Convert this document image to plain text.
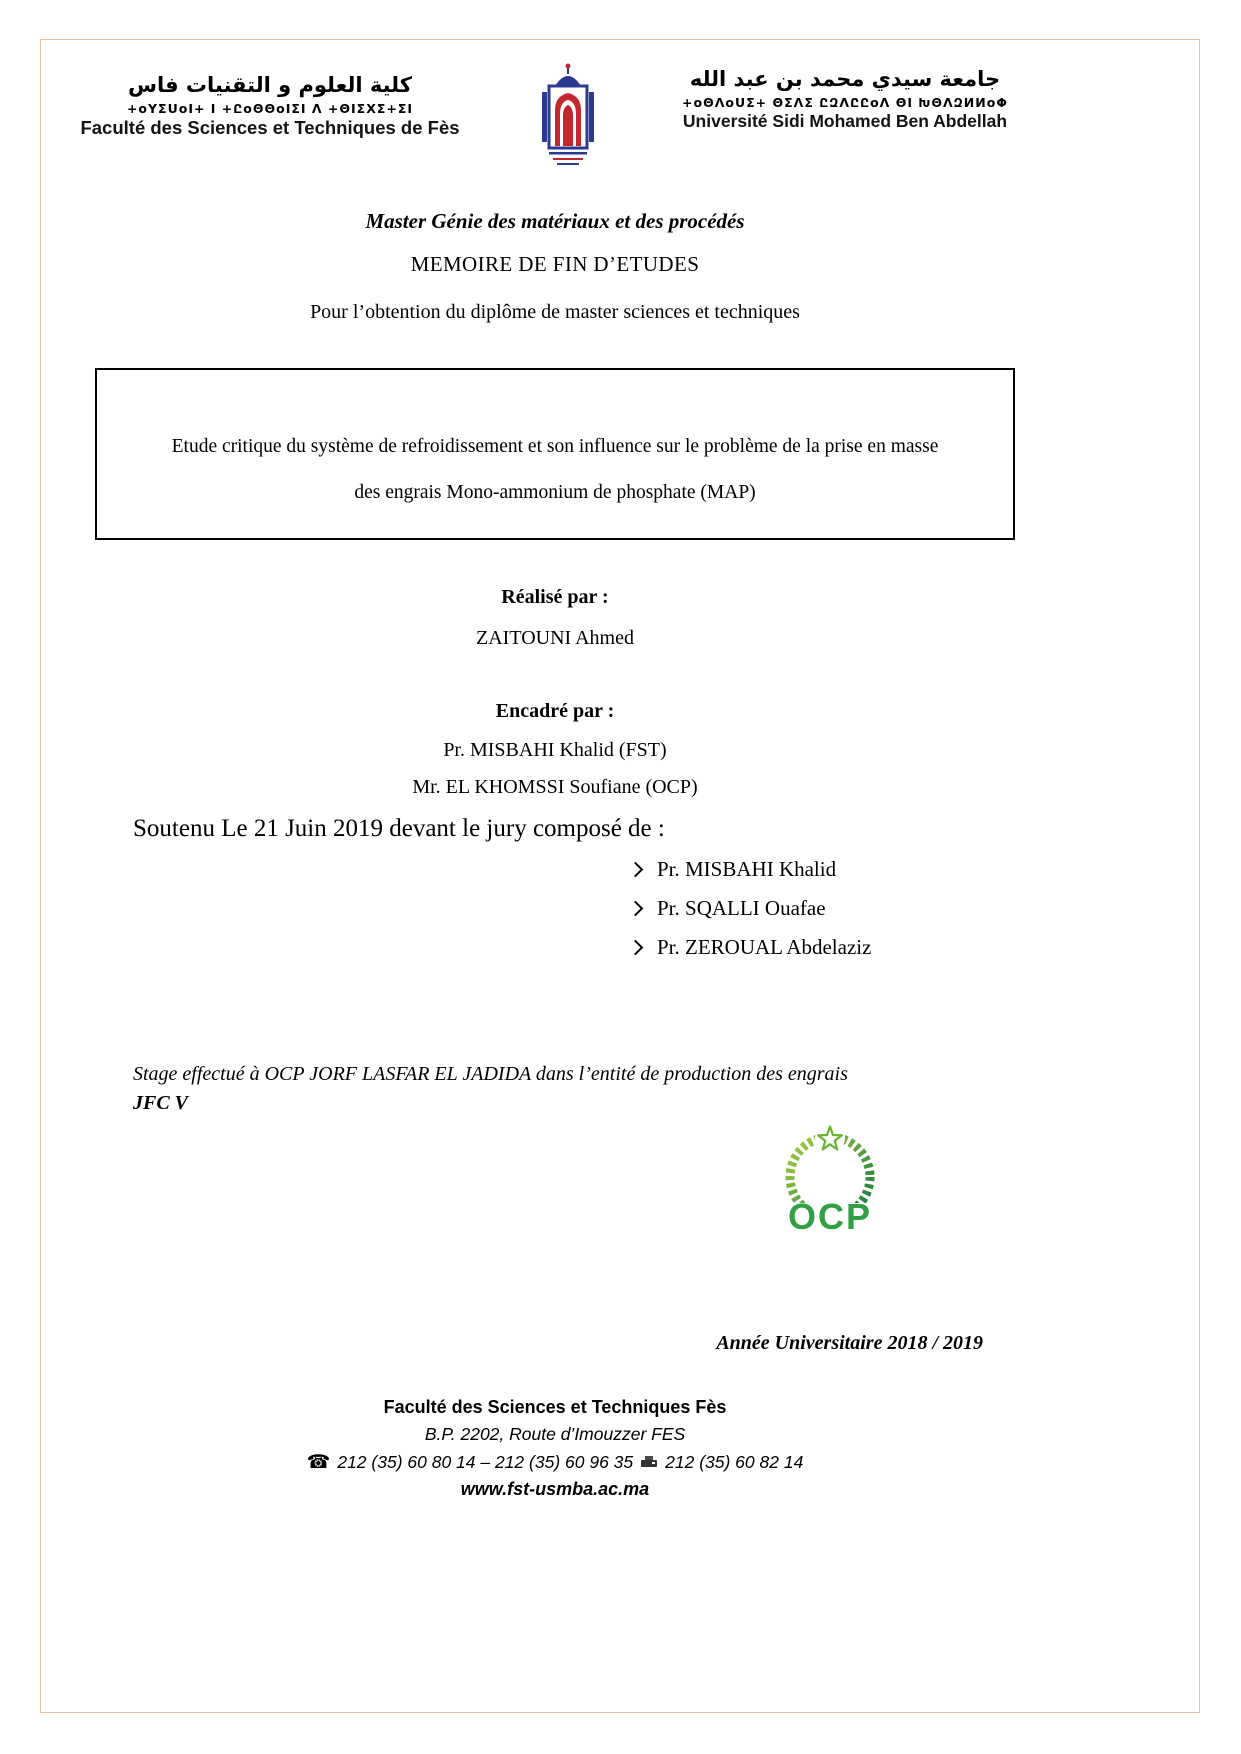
كلية العلوم و التقنيات فاس
+oYΣUoI+ I +ԸoΘΘoIΣI Λ +ΘIΣXΣ+ΣI
Faculté des Sciences et Techniques de Fès
جامعة سيدي محمد بن عبد الله
+oΘΛoUΣ+ ΘΣΛΣ ԸԶΛԸԸoΛ ΘI ԽΘΛԶИИoΦ
Université Sidi Mohamed Ben Abdellah
Master Génie des matériaux et des procédés
MEMOIRE DE FIN D’ETUDES
Pour l’obtention du diplôme de master sciences et techniques
Etude critique du système de refroidissement et son influence sur le problème de la prise en masse
des engrais Mono-ammonium de phosphate (MAP)
Réalisé par :
ZAITOUNI Ahmed
Encadré par :
Pr. MISBAHI Khalid (FST)
Mr. EL KHOMSSI Soufiane (OCP)
Soutenu Le 21 Juin 2019 devant le jury composé de :
Pr. MISBAHI Khalid
Pr. SQALLI Ouafae
Pr. ZEROUAL Abdelaziz
Stage effectué à OCP JORF LASFAR EL JADIDA dans l’entité de production des engrais
JFC V
OCP
Année Universitaire 2018 / 2019
Faculté des Sciences et Techniques Fès
B.P. 2202, Route d’Imouzzer FES
☎ 212 (35) 60 80 14 – 212 (35) 60 96 35 212 (35) 60 82 14
www.fst-usmba.ac.ma
